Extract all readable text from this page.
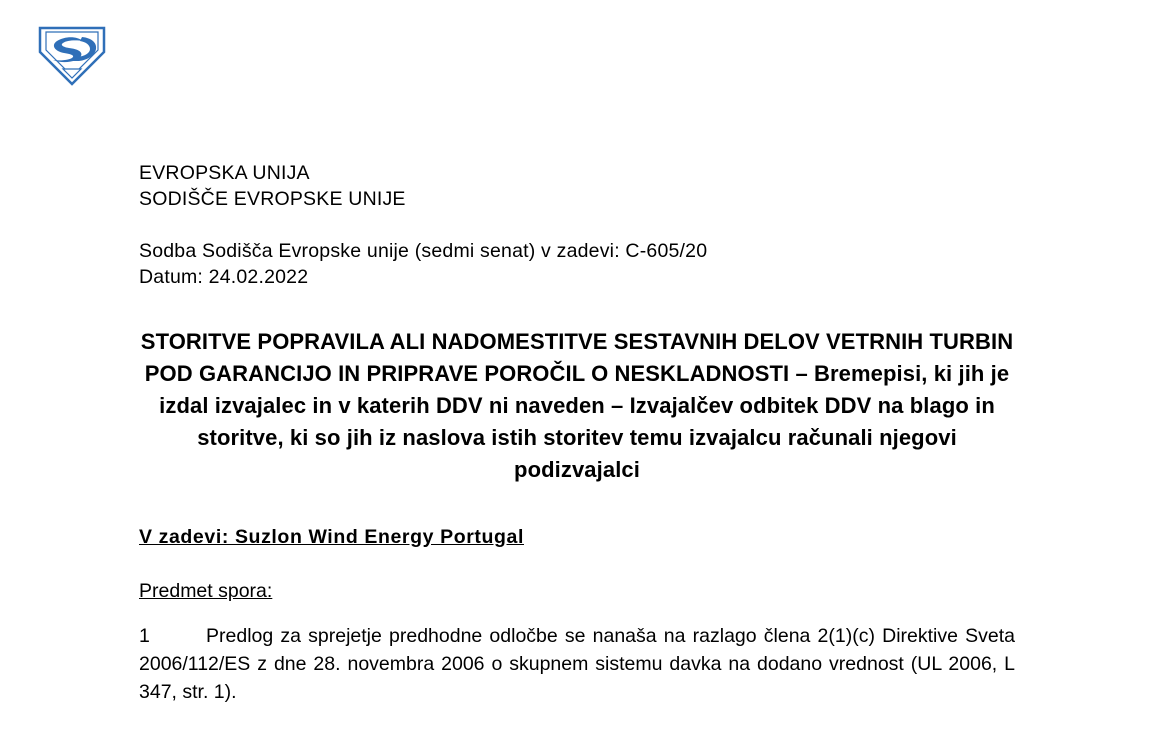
EVROPSKA UNIJA
SODIŠČE EVROPSKE UNIJE
Sodba Sodišča Evropske unije (sedmi senat) v zadevi: C-605/20
Datum: 24.02.2022
STORITVE POPRAVILA ALI NADOMESTITVE SESTAVNIH DELOV VETRNIH TURBIN POD GARANCIJO IN PRIPRAVE POROČIL O NESKLADNOSTI – Bremepisi, ki jih je izdal izvajalec in v katerih DDV ni naveden – Izvajalčev odbitek DDV na blago in storitve, ki so jih iz naslova istih storitev temu izvajalcu računali njegovi podizvajalci
V zadevi: Suzlon Wind Energy Portugal
Predmet spora:
1	Predlog za sprejetje predhodne odločbe se nanaša na razlago člena 2(1)(c) Direktive Sveta 2006/112/ES z dne 28. novembra 2006 o skupnem sistemu davka na dodano vrednost (UL 2006, L 347, str. 1).
